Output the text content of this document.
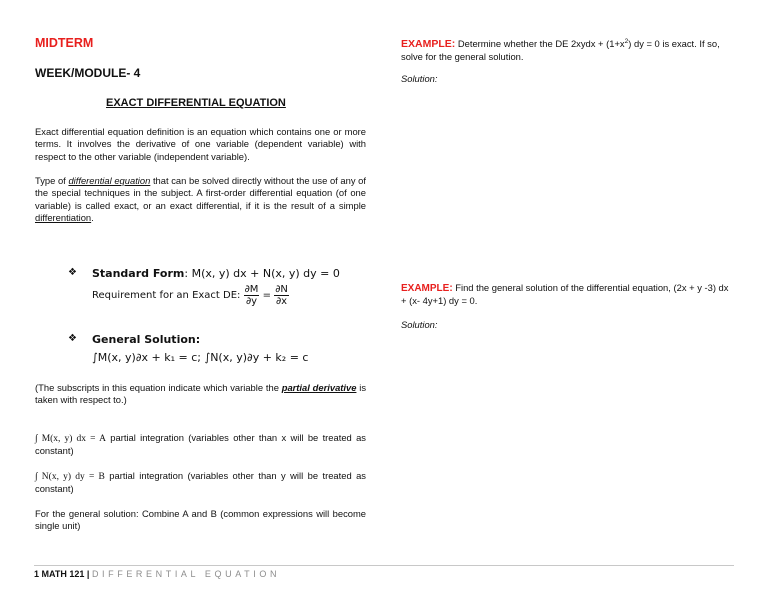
MIDTERM
WEEK/MODULE- 4
EXACT DIFFERENTIAL EQUATION
Exact differential equation definition is an equation which contains one or more terms. It involves the derivative of one variable (dependent variable) with respect to the other variable (independent variable).
Type of differential equation that can be solved directly without the use of any of the special techniques in the subject. A first-order differential equation (of one variable) is called exact, or an exact differential, if it is the result of a simple differentiation.
❖ Standard Form: M(x, y) dx + N(x, y) dy = 0
Requirement for an Exact DE: $\frac{\partial M}{\partial y} = \frac{\partial N}{\partial x}$
❖ General Solution:
∫M(x, y)∂x + k₁ = c; ∫N(x, y)∂y + k₂ = c
(The subscripts in this equation indicate which variable the partial derivative is taken with respect to.)
∫ M(x, y) dx = A partial integration (variables other than x will be treated as constant)
∫ N(x, y) dy = B partial integration (variables other than y will be treated as constant)
For the general solution: Combine A and B (common expressions will become single unit)
EXAMPLE: Determine whether the DE 2xydx + $(1+x^2)$ dy = 0 is exact. If so, solve for the general solution.
Solution:
EXAMPLE: Find the general solution of the differential equation, (2x + y -3) dx + (x- 4y+1) dy = 0.
Solution:
1 MATH 121 | DIFFERENTIAL EQUATION
